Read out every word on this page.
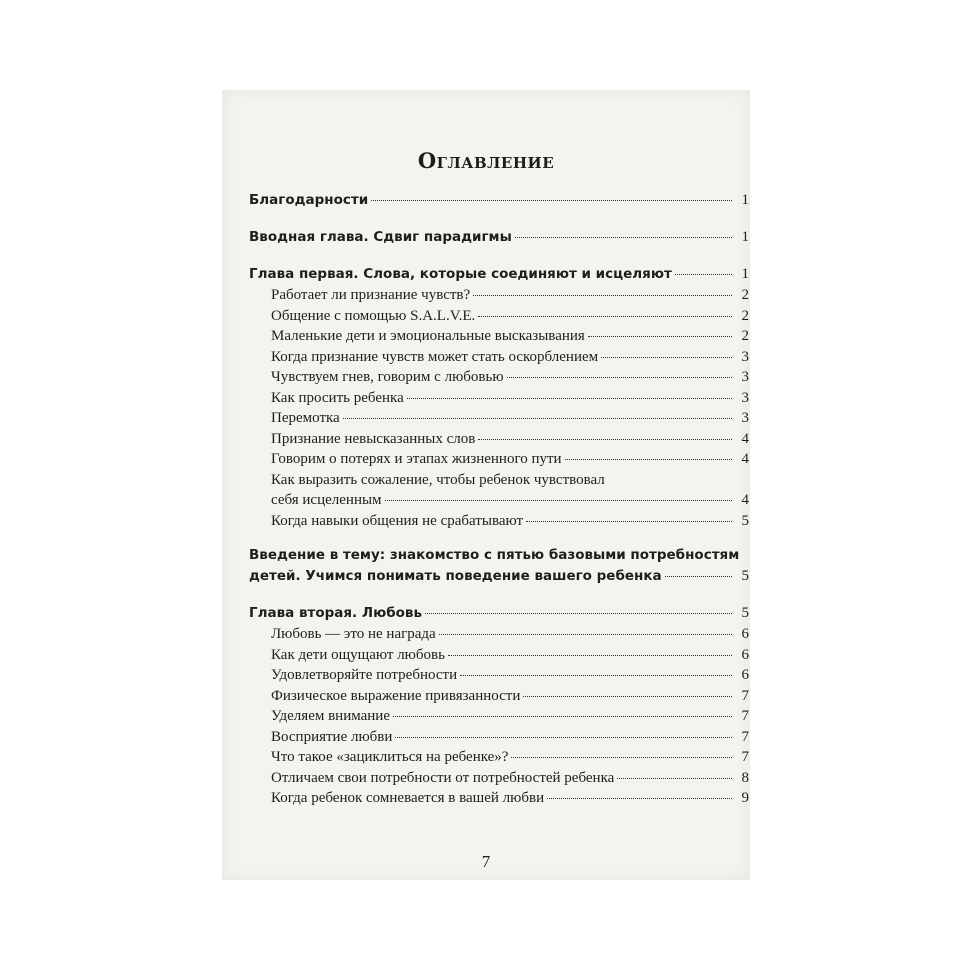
Оглавление
Благодарности	1
Вводная глава. Сдвиг парадигмы	1
Глава первая. Слова, которые соединяют и исцеляют	1
Работает ли признание чувств?	2
Общение с помощью S.A.L.V.E.	2
Маленькие дети и эмоциональные высказывания	2
Когда признание чувств может стать оскорблением	3
Чувствуем гнев, говорим с любовью	3
Как просить ребенка	3
Перемотка	3
Признание невысказанных слов	4
Говорим о потерях и этапах жизненного пути	4
Как выразить сожаление, чтобы ребенок чувствовал
себя исцеленным	4
Когда навыки общения не срабатывают	5
Введение в тему: знакомство с пятью базовыми потребностям
детей. Учимся понимать поведение вашего ребенка	5
Глава вторая. Любовь	5
Любовь — это не награда	6
Как дети ощущают любовь	6
Удовлетворяйте потребности	6
Физическое выражение привязанности	7
Уделяем внимание	7
Восприятие любви	7
Что такое «зациклиться на ребенке»?	7
Отличаем свои потребности от потребностей ребенка	8
Когда ребенок сомневается в вашей любви	9
7
